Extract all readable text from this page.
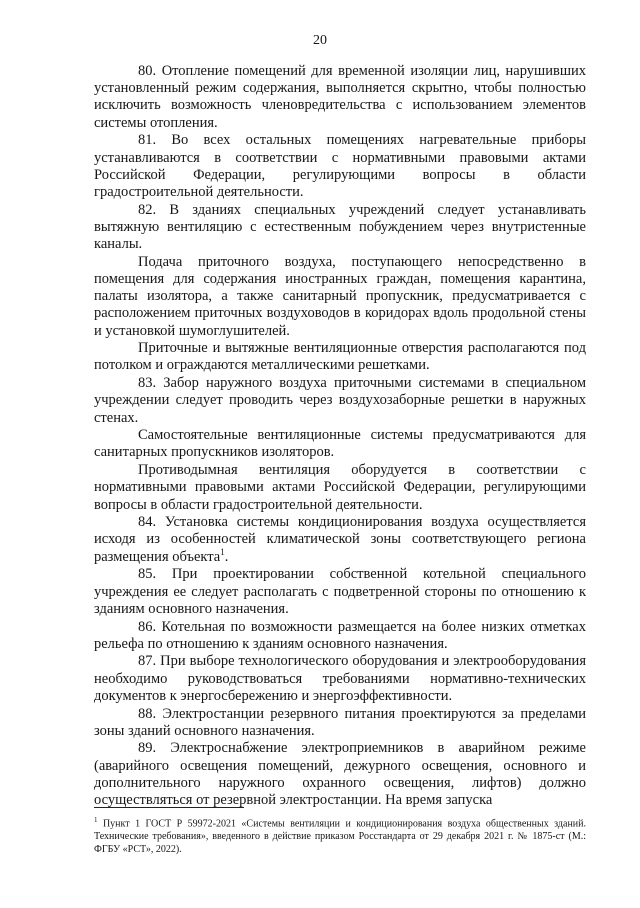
20

80. Отопление помещений для временной изоляции лиц, нарушивших установленный режим содержания, выполняется скрытно, чтобы полностью исключить возможность членовредительства с использованием элементов системы отопления.

81. Во всех остальных помещениях нагревательные приборы устанавливаются в соответствии с нормативными правовыми актами Российской Федерации, регулирующими вопросы в области градостроительной деятельности.

82. В зданиях специальных учреждений следует устанавливать вытяжную вентиляцию с естественным побуждением через внутристенные каналы.

Подача приточного воздуха, поступающего непосредственно в помещения для содержания иностранных граждан, помещения карантина, палаты изолятора, а также санитарный пропускник, предусматривается с расположением приточных воздуховодов в коридорах вдоль продольной стены и установкой шумоглушителей.

Приточные и вытяжные вентиляционные отверстия располагаются под потолком и ограждаются металлическими решетками.

83. Забор наружного воздуха приточными системами в специальном учреждении следует проводить через воздухозаборные решетки в наружных стенах.

Самостоятельные вентиляционные системы предусматриваются для санитарных пропускников изоляторов.

Противодымная вентиляция оборудуется в соответствии с нормативными правовыми актами Российской Федерации, регулирующими вопросы в области градостроительной деятельности.

84. Установка системы кондиционирования воздуха осуществляется исходя из особенностей климатической зоны соответствующего региона размещения объекта$^1$.

85. При проектировании собственной котельной специального учреждения ее следует располагать с подветренной стороны по отношению к зданиям основного назначения.

86. Котельная по возможности размещается на более низких отметках рельефа по отношению к зданиям основного назначения.

87. При выборе технологического оборудования и электрооборудования необходимо руководствоваться требованиями нормативно-технических документов к энергосбережению и энергоэффективности.

88. Электростанции резервного питания проектируются за пределами зоны зданий основного назначения.

89. Электроснабжение электроприемников в аварийном режиме (аварийного освещения помещений, дежурного освещения, основного и дополнительного наружного охранного освещения, лифтов) должно осуществляться от резервной электростанции. На время запуска

$^1$ Пункт 1 ГОСТ Р 59972-2021 «Системы вентиляции и кондиционирования воздуха общественных зданий. Технические требования», введенного в действие приказом Росстандарта от 29 декабря 2021 г. № 1875-ст (М.: ФГБУ «РСТ», 2022).
